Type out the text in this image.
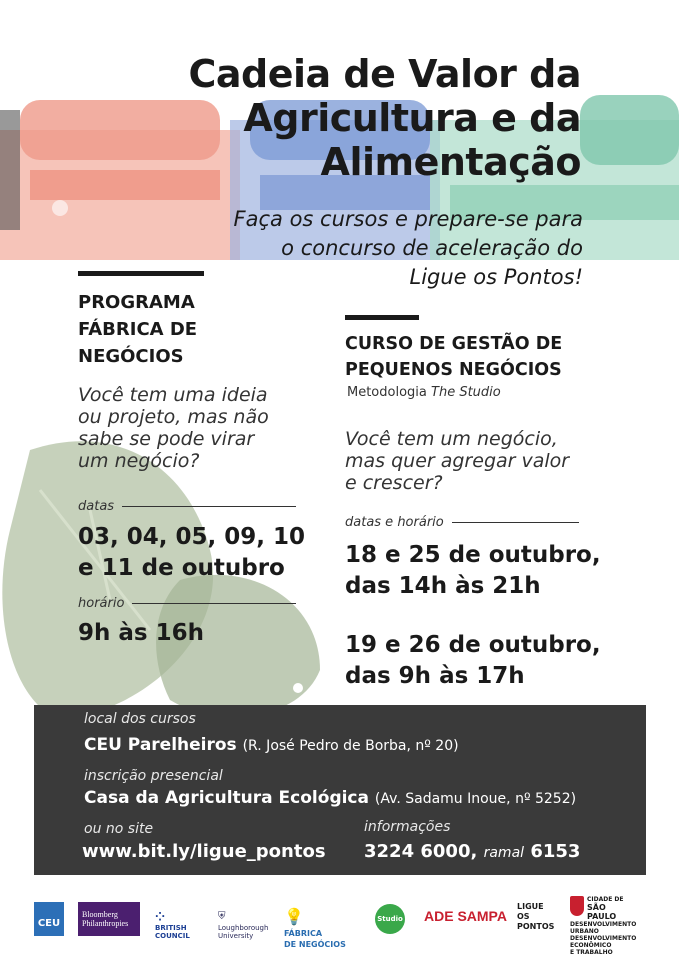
Cadeia de Valor da
Agricultura e da
Alimentação
Faça os cursos e prepare-se para
o concurso de aceleração do
Ligue os Pontos!
PROGRAMA
FÁBRICA DE
NEGÓCIOS
Você tem uma ideia
ou projeto, mas não
sabe se pode virar
um negócio?
datas
03, 04, 05, 09, 10
e 11 de outubro
horário
9h às 16h
CURSO DE GESTÃO DE
PEQUENOS NEGÓCIOS
Metodologia The Studio
Você tem um negócio,
mas quer agregar valor
e crescer?
datas e horário
18 e 25 de outubro,
das 14h às 21h
19 e 26 de outubro,
das 9h às 17h
local dos cursos
CEU Parelheiros (R. José Pedro de Borba, nº 20)
inscrição presencial
Casa da Agricultura Ecológica (Av. Sadamu Inoue, nº 5252)
ou no site
www.bit.ly/ligue_pontos
informações
3224 6000, ramal 6153
CEU
Bloomberg
Philanthropies	⁘
BRITISH
COUNCIL
⛨
Loughborough
University
💡
FÁBRICA
DE NEGÓCIOS
Studio ADE SAMPA
LIGUE
OS
PONTOS
CIDADE DE
SÃO PAULO
DESENVOLVIMENTO
URBANO
DESENVOLVIMENTO
ECONÔMICO
E TRABALHO
